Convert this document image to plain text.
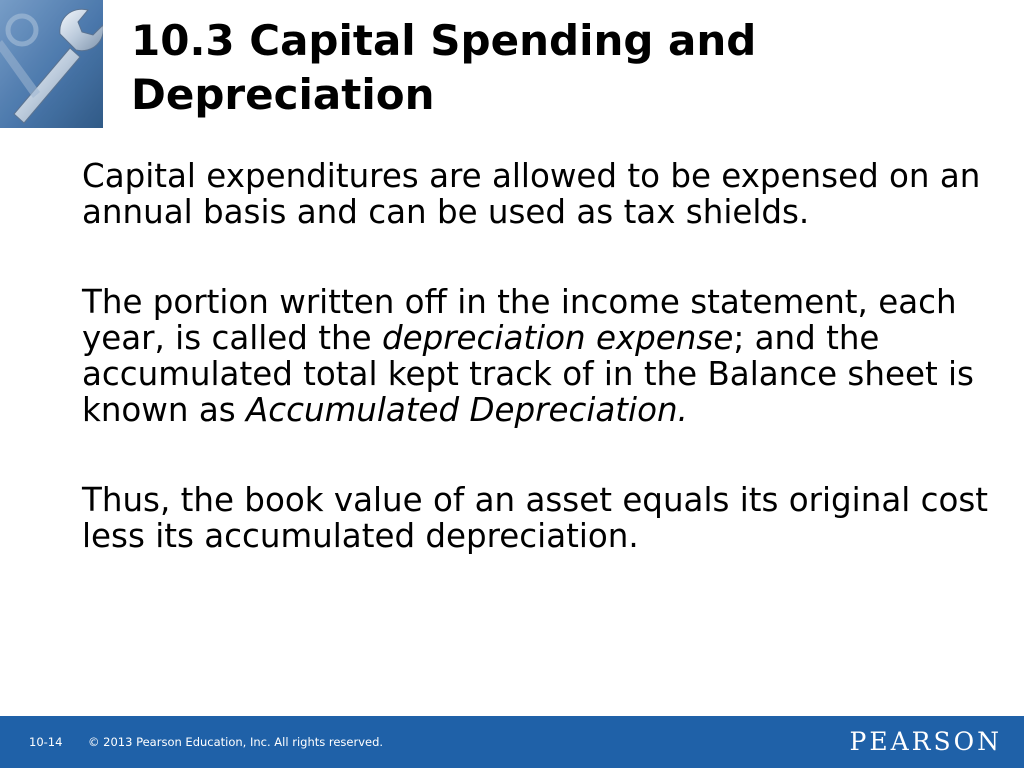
10.3 Capital Spending and Depreciation

Capital expenditures are allowed to be expensed on an annual basis and can be used as tax shields.

The portion written off in the income statement, each year, is called the depreciation expense; and the accumulated total kept track of in the Balance sheet is known as Accumulated Depreciation.

Thus, the book value of an asset equals its original cost less its accumulated depreciation.

10-14 © 2013 Pearson Education, Inc. All rights reserved.	PEARSON
